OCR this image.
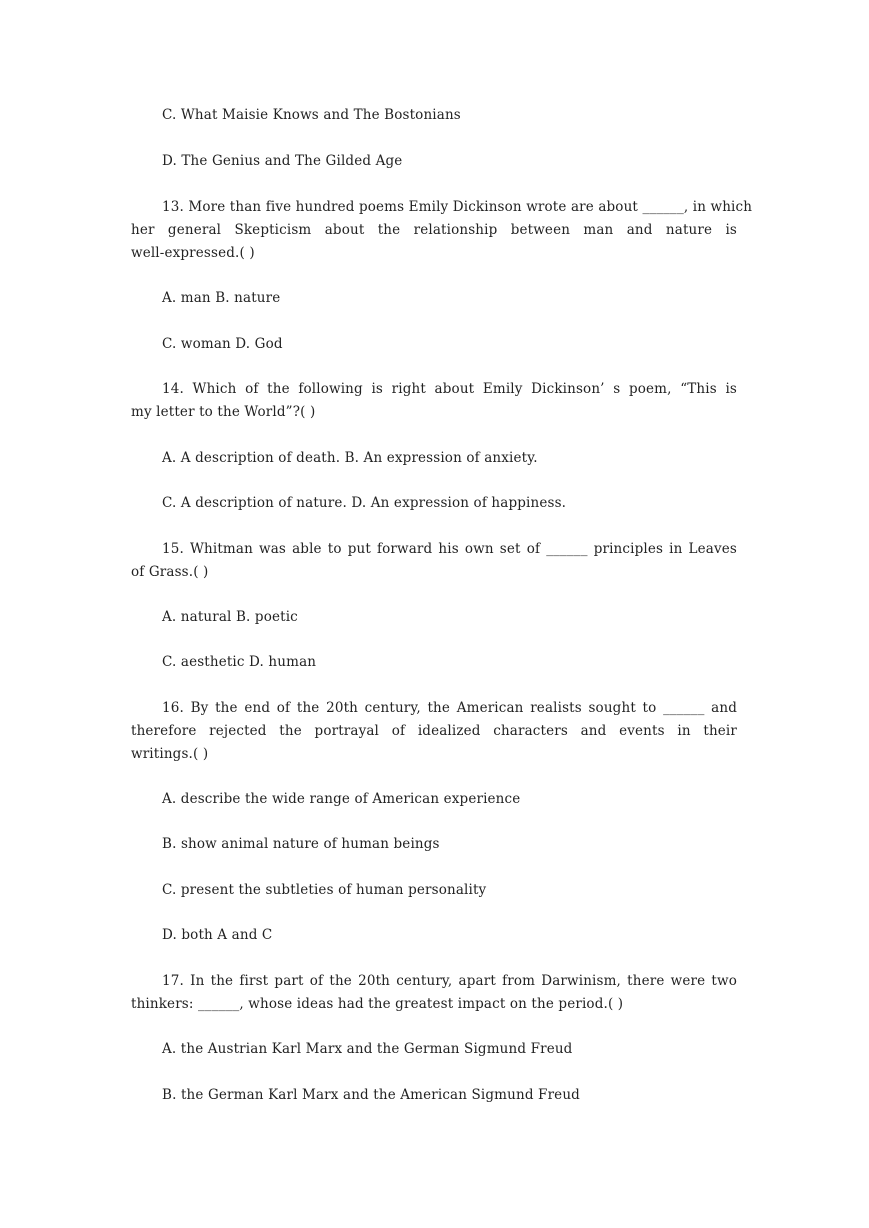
C. What Maisie Knows and The Bostonians
D. The Genius and The Gilded Age
13. More than five hundred poems Emily Dickinson wrote are about ______, in which
her general Skepticism about the relationship between man and nature is
well-expressed.( )
A. man B. nature
C. woman D. God
14. Which of the following is right about Emily Dickinson’ s poem, “This is
my letter to the World”?( )
A. A description of death. B. An expression of anxiety.
C. A description of nature. D. An expression of happiness.
15. Whitman was able to put forward his own set of ______ principles in Leaves
of Grass.( )
A. natural B. poetic
C. aesthetic D. human
16. By the end of the 20th century, the American realists sought to ______ and
therefore rejected the portrayal of idealized characters and events in their
writings.( )
A. describe the wide range of American experience
B. show animal nature of human beings
C. present the subtleties of human personality
D. both A and C
17. In the first part of the 20th century, apart from Darwinism, there were two
thinkers: ______, whose ideas had the greatest impact on the period.( )
A. the Austrian Karl Marx and the German Sigmund Freud
B. the German Karl Marx and the American Sigmund Freud
